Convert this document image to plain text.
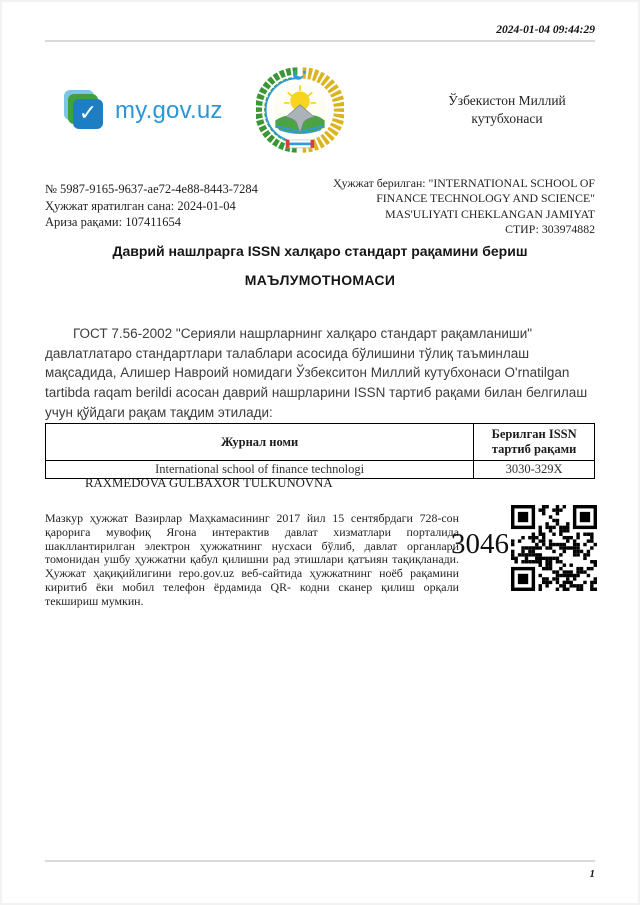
2024-01-04 09:44:29
✓ my.gov.uz	Ўзбекистон Миллий кутубхонаси
№ 5987-9165-9637-ae72-4e88-8443-7284
Ҳужжат яратилган сана: 2024-01-04
Ариза рақами: 107411654
Ҳужжат берилган: "INTERNATIONAL SCHOOL OF FINANCE TECHNOLOGY AND SCIENCE" MAS'ULIYATI CHEKLANGAN JAMIYAT
СТИР: 303974882
Даврий нашлрарга ISSN халқаро стандарт рақамини бериш
МАЪЛУМОТНОМАСИ
ГОСТ 7.56-2002 "Серияли нашрларнинг халқаро стандарт рақамланиши" давлатлатаро стандартлари талаблари асосида бўлишини тўлиқ таъминлаш мақсадида, Алишер Навроий номидаги Ўзбекситон Миллий кутубхонаси O'rnatilgan tartibda raqam berildi асосан даврий нашрларини ISSN тартиб рақами билан белгилаш учун қўйдаги рақам тақдим этилади:
Журнал номи	Берилган ISSN тартиб рақами
International school of finance technologi	3030-329X
RAXMEDOVA GULBAXOR TULKUNOVNA
Мазкур ҳужжат Вазирлар Маҳкамасининг 2017 йил 15 сентябрдаги 728-сон қарорига мувофиқ Ягона интерактив давлат хизматлари порталида шакллантирилган электрон ҳужжатнинг нусхаси бўлиб, давлат органлари томонидан ушбу ҳужжатни қабул қилишни рад этишлари қатъиян тақиқланади. Ҳужжат ҳақиқийлигини repo.gov.uz веб-сайтида ҳужжатнинг ноёб рақамини киритиб ёки мобил телефон ёрдамида QR- кодни сканер қилиш орқали текшириш мумкин.
3046
1
